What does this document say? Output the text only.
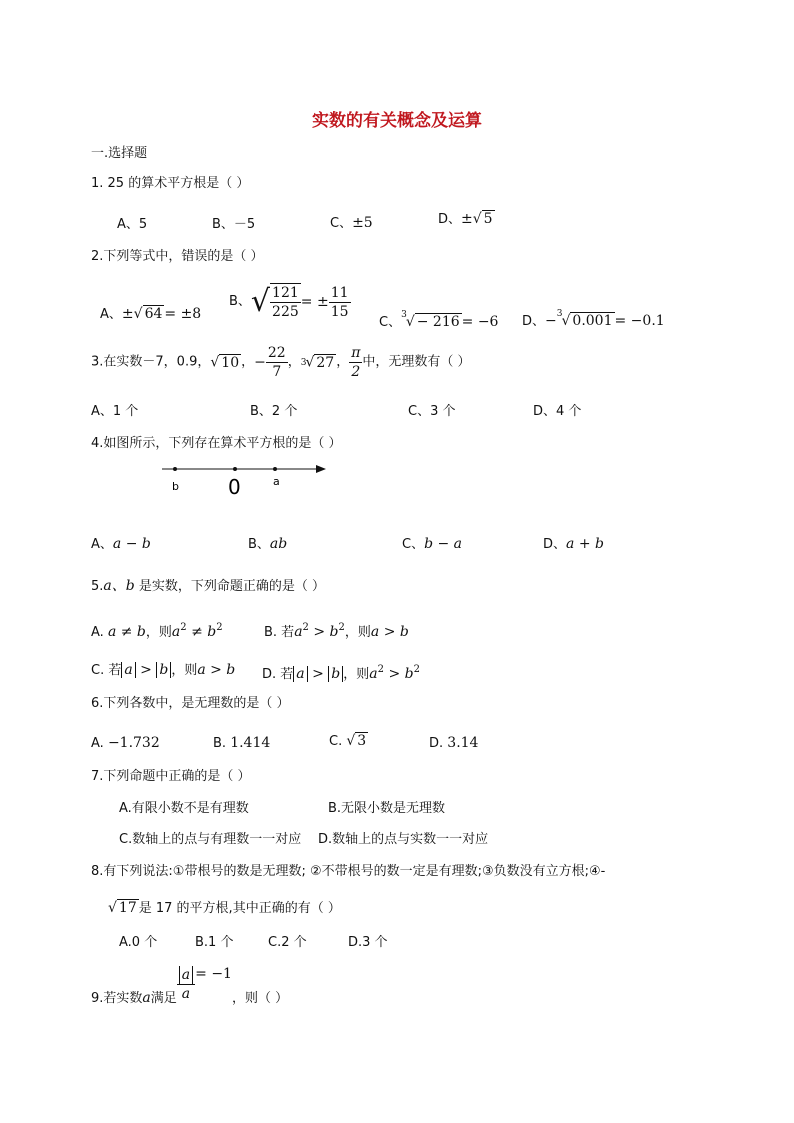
实数的有关概念及运算
一.选择题
1. 25 的算术平方根是（ ）
A、5	B、－5	C、±5	D、±√ 5
2.下列等式中，错误的是（ ）
A、±√ 64 = ±8
B、√ $\frac{121}{225}$ = ± $\frac{11}{15}$
C、$^3$√ − 216 = −6 D、−$^3$√ 0.001 = −0.1
3.在实数－7，0.9，√ 10 ，− $\frac{22}{7}$ ，3√ 27 ， $\frac{\pi}{2}$ 中，无理数有（ ）
A、1 个	B、2 个	C、3 个	D、4 个
4.如图所示，下列存在算术平方根的是（ ）
b 0	a
A、a − b	B、ab	C、b − a	D、a + b
5.a、b 是实数，下列命题正确的是（ ）
A. a ≠ b，则$a^2 \ne b^2$	B. 若$a^2 > b^2$，则a > b
C. 若 a > b ，则a > b D. 若 a > b ，则$a^2 > b^2$
6.下列各数中，是无理数的是（ ）
A. −1.732	B. 1.414	C. √ 3	D. 3.14
7.下列命题中正确的是（ ）
A.有限小数不是有理数	B.无限小数是无理数
C.数轴上的点与有理数一一对应 D.数轴上的点与实数一一对应
8.有下列说法:①带根号的数是无理数; ②不带根号的数一定是有理数;③负数没有立方根;④-
√ 17 是 17 的平方根,其中正确的有（ ）
A.0 个	B.1 个	C.2 个	D.3 个
9.若实数a满足 $\frac{a}{a} = -1$，则（ ）
